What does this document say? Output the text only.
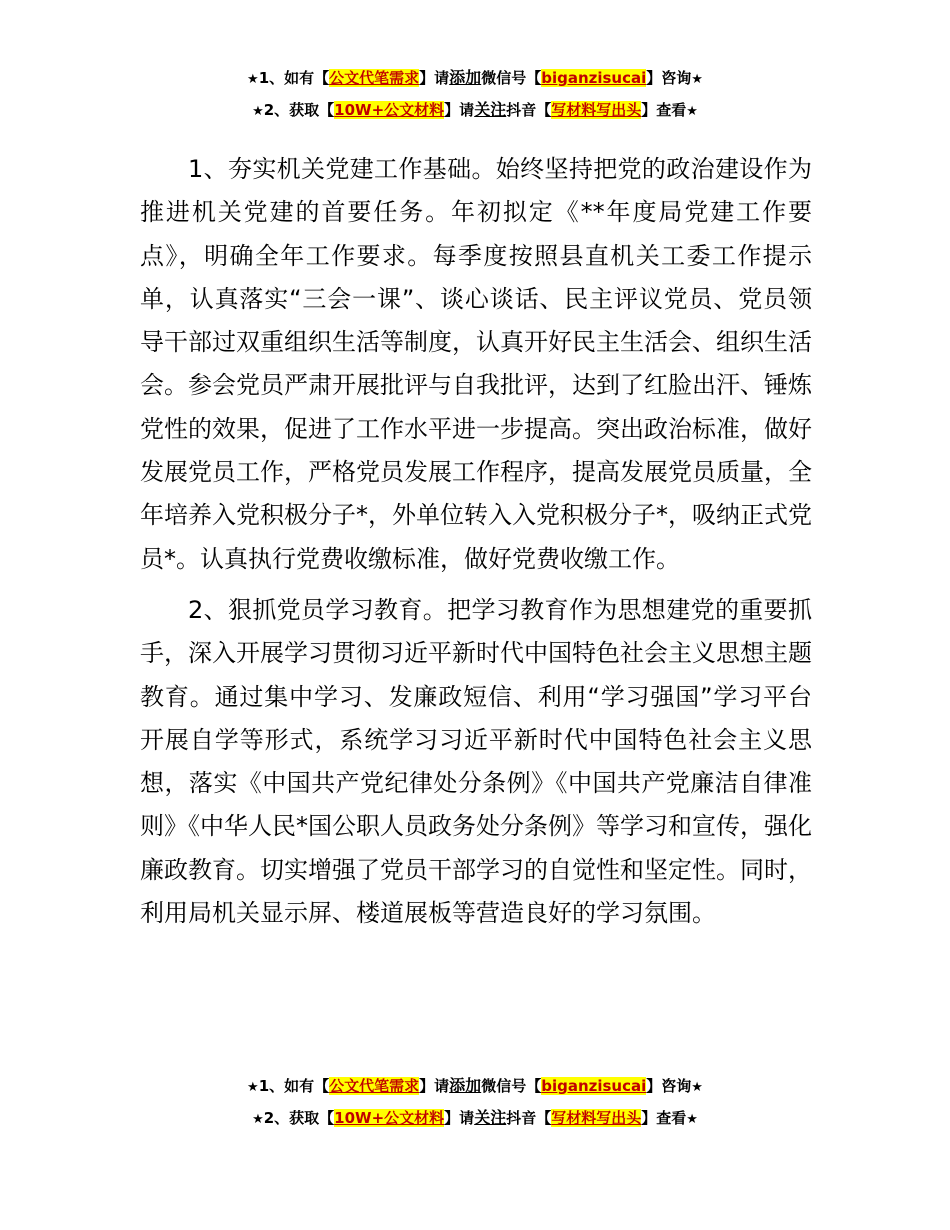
★1、如有【公文代笔需求】请添加微信号【biganzisucai】咨询★
★2、获取【10W+公文材料】请关注抖音【写材料写出头】查看★

1、夯实机关党建工作基础。始终坚持把党的政治建设作为推进机关党建的首要任务。年初拟定《**年度局党建工作要点》，明确全年工作要求。每季度按照县直机关工委工作提示单，认真落实“三会一课”、谈心谈话、民主评议党员、党员领导干部过双重组织生活等制度，认真开好民主生活会、组织生活会。参会党员严肃开展批评与自我批评，达到了红脸出汗、锤炼党性的效果，促进了工作水平进一步提高。突出政治标准，做好发展党员工作，严格党员发展工作程序，提高发展党员质量，全年培养入党积极分子*，外单位转入入党积极分子*，吸纳正式党员*。认真执行党费收缴标准，做好党费收缴工作。

2、狠抓党员学习教育。把学习教育作为思想建党的重要抓手，深入开展学习贯彻习近平新时代中国特色社会主义思想主题教育。通过集中学习、发廉政短信、利用“学习强国”学习平台开展自学等形式，系统学习习近平新时代中国特色社会主义思想，落实《中国共产党纪律处分条例》《中国共产党廉洁自律准则》《中华人民*国公职人员政务处分条例》等学习和宣传，强化廉政教育。切实增强了党员干部学习的自觉性和坚定性。同时，利用局机关显示屏、楼道展板等营造良好的学习氛围。

★1、如有【公文代笔需求】请添加微信号【biganzisucai】咨询★
★2、获取【10W+公文材料】请关注抖音【写材料写出头】查看★
